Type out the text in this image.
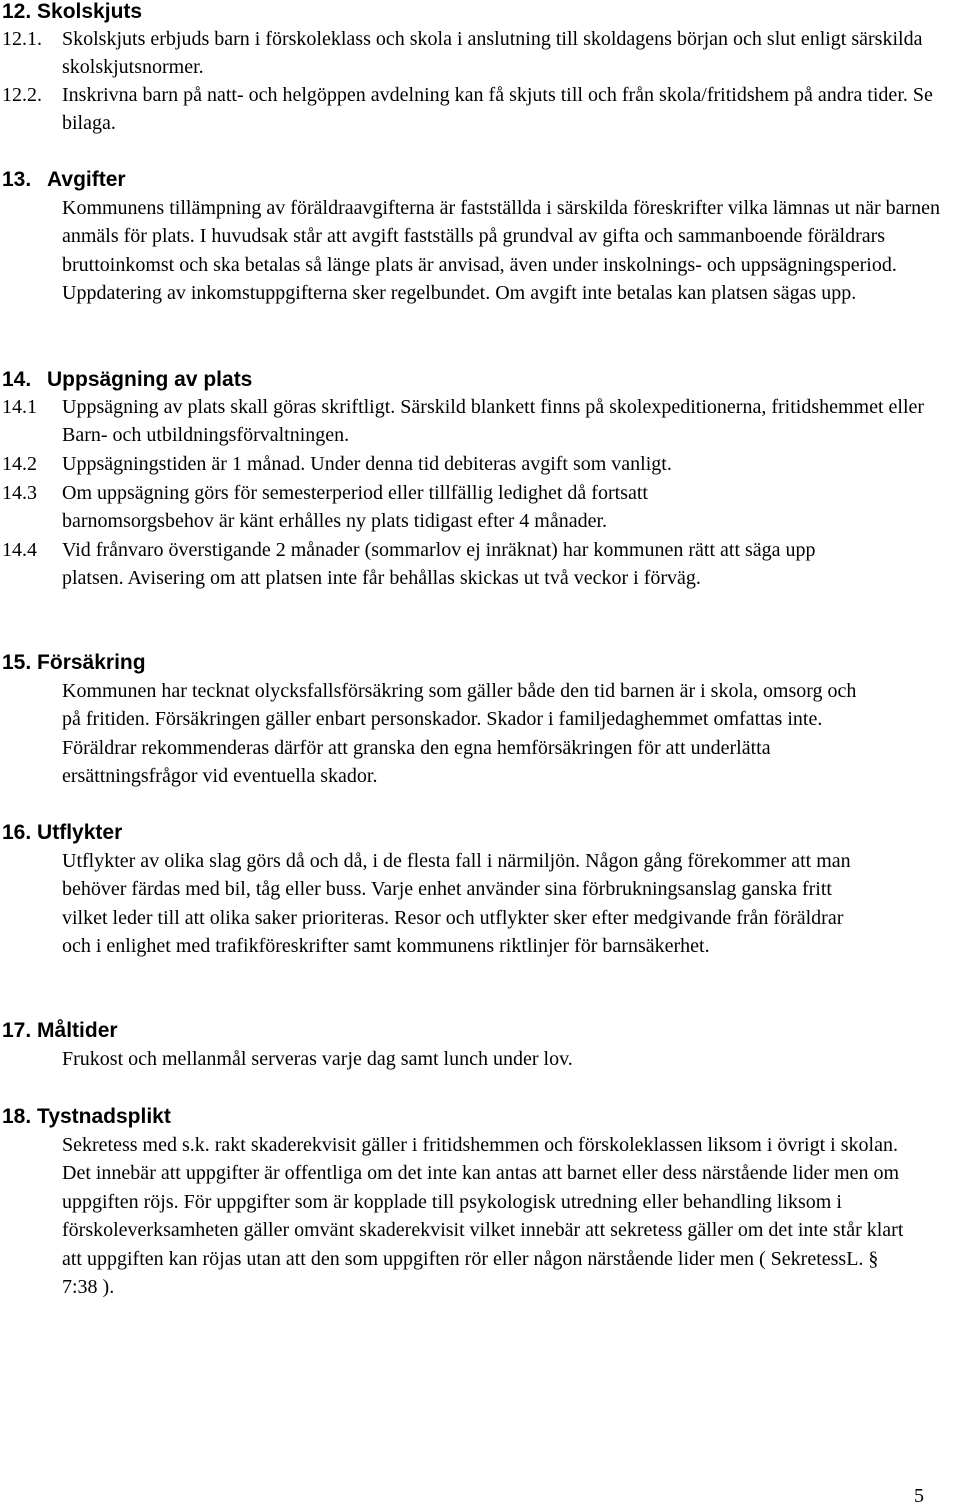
12. Skolskjuts
12.1.	Skolskjuts erbjuds barn i förskoleklass och skola i anslutning till skoldagens början och slut enligt särskilda skolskjutsnormer.
12.2.	Inskrivna barn på natt- och helgöppen avdelning kan få skjuts till och från skola/fritidshem på andra tider. Se bilaga.
13. Avgifter
Kommunens tillämpning av föräldraavgifterna är fastställda i särskilda föreskrifter vilka lämnas ut när barnen anmäls för plats. I huvudsak står att avgift fastställs på grundval av gifta och sammanboende föräldrars bruttoinkomst och ska betalas så länge plats är anvisad, även under inskolnings- och uppsägningsperiod. Uppdatering av inkomstuppgifterna sker regelbundet. Om avgift inte betalas kan platsen sägas upp.
14. Uppsägning av plats
14.1	Uppsägning av plats skall göras skriftligt. Särskild blankett finns på skolexpeditionerna, fritidshemmet eller Barn- och utbildningsförvaltningen.
14.2	Uppsägningstiden är 1 månad. Under denna tid debiteras avgift som vanligt.
14.3	Om uppsägning görs för semesterperiod eller tillfällig ledighet då fortsatt barnomsorgsbehov är känt erhålles ny plats tidigast efter 4 månader.
14.4	Vid frånvaro överstigande 2 månader (sommarlov ej inräknat) har kommunen rätt att säga upp platsen. Avisering om att platsen inte får behållas skickas ut två veckor i förväg.
15. Försäkring
Kommunen har tecknat olycksfallsförsäkring som gäller både den tid barnen är i skola, omsorg och på fritiden. Försäkringen gäller enbart personskador. Skador i familjedaghemmet omfattas inte. Föräldrar rekommenderas därför att granska den egna hemförsäkringen för att underlätta ersättningsfrågor vid eventuella skador.
16. Utflykter
Utflykter av olika slag görs då och då, i de flesta fall i närmiljön. Någon gång förekommer att man behöver färdas med bil, tåg eller buss. Varje enhet använder sina förbrukningsanslag ganska fritt vilket leder till att olika saker prioriteras. Resor och utflykter sker efter medgivande från föräldrar och i enlighet med trafikföreskrifter samt kommunens riktlinjer för barnsäkerhet.
17. Måltider
Frukost och mellanmål serveras varje dag samt lunch under lov.
18. Tystnadsplikt
Sekretess med s.k. rakt skaderekvisit gäller i fritidshemmen och förskoleklassen liksom i övrigt i skolan. Det innebär att uppgifter är offentliga om det inte kan antas att barnet eller dess närstående lider men om uppgiften röjs. För uppgifter som är kopplade till psykologisk utredning eller behandling liksom i förskoleverksamheten gäller omvänt skaderekvisit vilket innebär att sekretess gäller om det inte står klart att uppgiften kan röjas utan att den som uppgiften rör eller någon närstående lider men ( SekretessL. § 7:38 ).
5
